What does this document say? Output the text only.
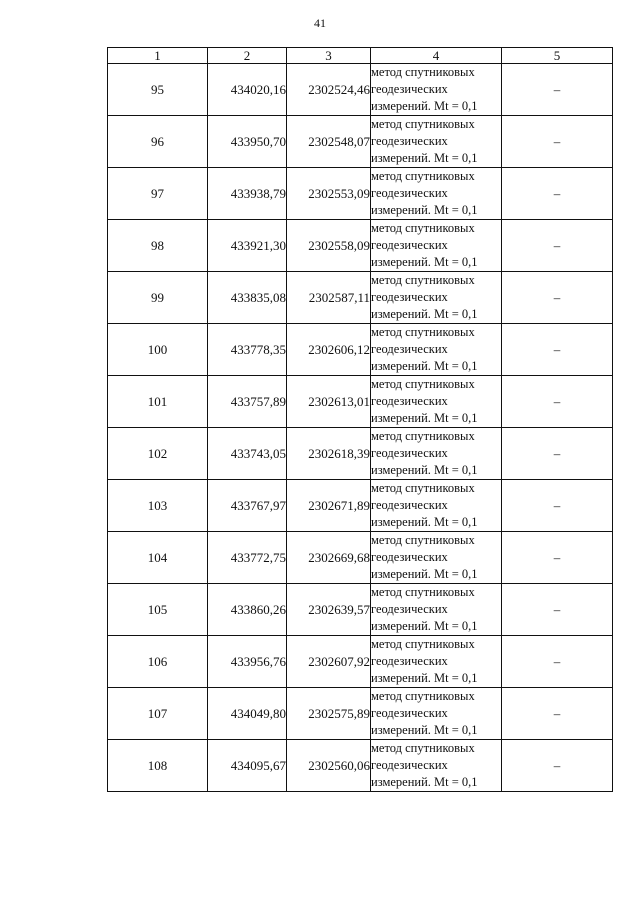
41
1	2	3	4	5
95	434020,16	2302524,46	метод спутниковых
геодезических
измерений. Mt = 0,1	–
96	433950,70	2302548,07	метод спутниковых
геодезических
измерений. Mt = 0,1	–
97	433938,79	2302553,09	метод спутниковых
геодезических
измерений. Mt = 0,1	–
98	433921,30	2302558,09	метод спутниковых
геодезических
измерений. Mt = 0,1	–
99	433835,08	2302587,11	метод спутниковых
геодезических
измерений. Mt = 0,1	–
100	433778,35	2302606,12	метод спутниковых
геодезических
измерений. Mt = 0,1	–
101	433757,89	2302613,01	метод спутниковых
геодезических
измерений. Mt = 0,1	–
102	433743,05	2302618,39	метод спутниковых
геодезических
измерений. Mt = 0,1	–
103	433767,97	2302671,89	метод спутниковых
геодезических
измерений. Mt = 0,1	–
104	433772,75	2302669,68	метод спутниковых
геодезических
измерений. Mt = 0,1	–
105	433860,26	2302639,57	метод спутниковых
геодезических
измерений. Mt = 0,1	–
106	433956,76	2302607,92	метод спутниковых
геодезических
измерений. Mt = 0,1	–
107	434049,80	2302575,89	метод спутниковых
геодезических
измерений. Mt = 0,1	–
108	434095,67	2302560,06	метод спутниковых
геодезических
измерений. Mt = 0,1	–
